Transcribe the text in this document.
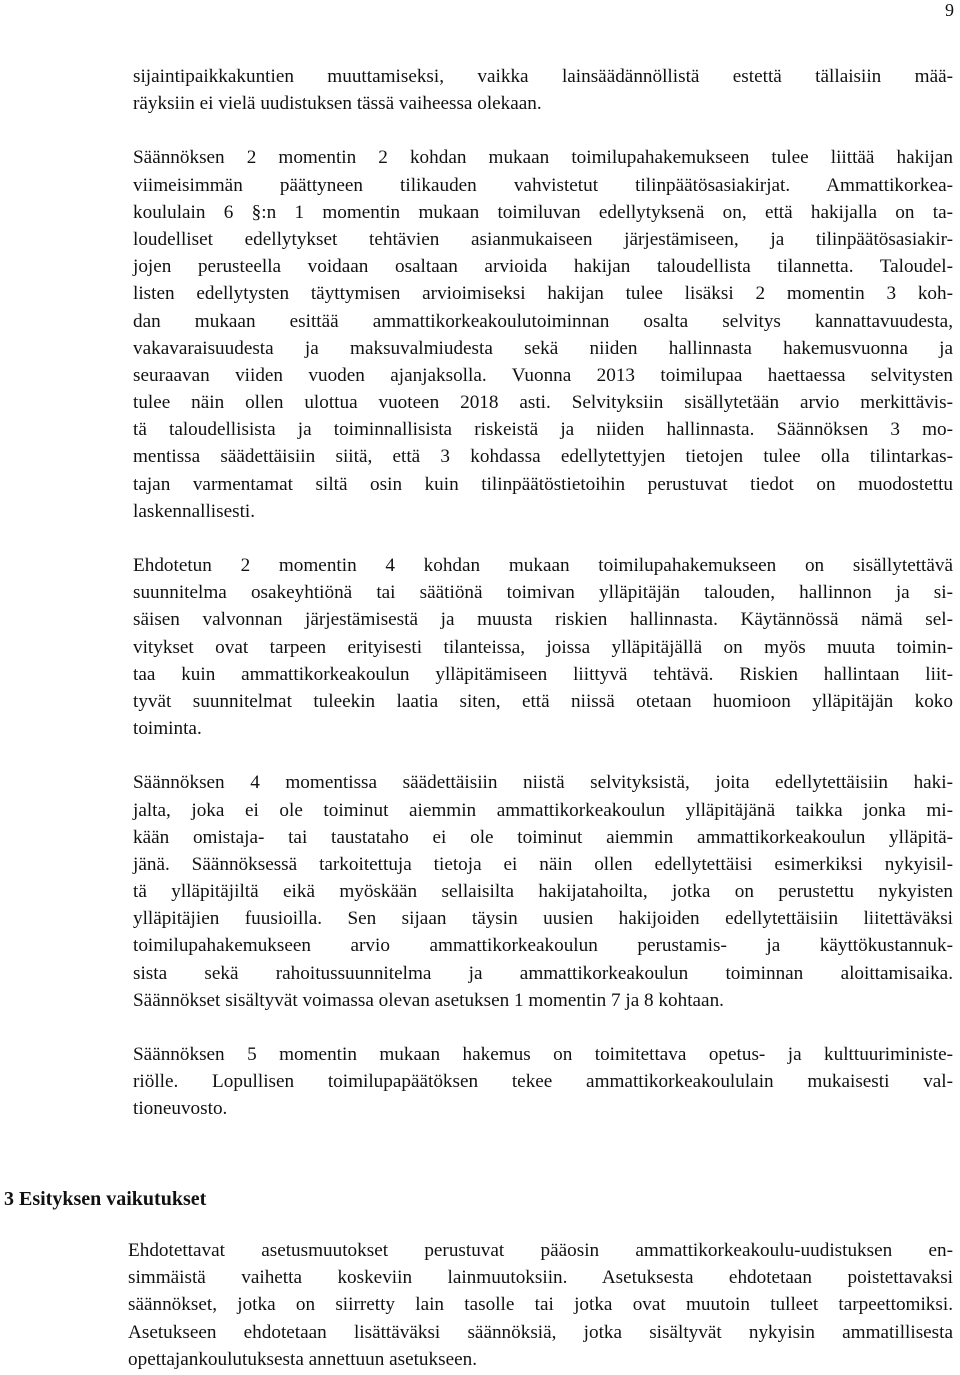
9
sijaintipaikkakuntien muuttamiseksi, vaikka lainsäädännöllistä estettä tällaisiin mää-
räyksiin ei vielä uudistuksen tässä vaiheessa olekaan.
Säännöksen 2 momentin 2 kohdan mukaan toimilupahakemukseen tulee liittää hakijan
viimeisimmän päättyneen tilikauden vahvistetut tilinpäätösasiakirjat. Ammattikorkea-
koululain 6 §:n 1 momentin mukaan toimiluvan edellytyksenä on, että hakijalla on ta-
loudelliset edellytykset tehtävien asianmukaiseen järjestämiseen, ja tilinpäätösasiakir-
jojen perusteella voidaan osaltaan arvioida hakijan taloudellista tilannetta. Taloudel-
listen edellytysten täyttymisen arvioimiseksi hakijan tulee lisäksi 2 momentin 3 koh-
dan mukaan esittää ammattikorkeakoulutoiminnan osalta selvitys kannattavuudesta,
vakavaraisuudesta ja maksuvalmiudesta sekä niiden hallinnasta hakemusvuonna ja
seuraavan viiden vuoden ajanjaksolla. Vuonna 2013 toimilupaa haettaessa selvitysten
tulee näin ollen ulottua vuoteen 2018 asti. Selvityksiin sisällytetään arvio merkittävis-
tä taloudellisista ja toiminnallisista riskeistä ja niiden hallinnasta. Säännöksen 3 mo-
mentissa säädettäisiin siitä, että 3 kohdassa edellytettyjen tietojen tulee olla tilintarkas-
tajan varmentamat siltä osin kuin tilinpäätöstietoihin perustuvat tiedot on muodostettu
laskennallisesti.
Ehdotetun 2 momentin 4 kohdan mukaan toimilupahakemukseen on sisällytettävä
suunnitelma osakeyhtiönä tai säätiönä toimivan ylläpitäjän talouden, hallinnon ja si-
säisen valvonnan järjestämisestä ja muusta riskien hallinnasta. Käytännössä nämä sel-
vitykset ovat tarpeen erityisesti tilanteissa, joissa ylläpitäjällä on myös muuta toimin-
taa kuin ammattikorkeakoulun ylläpitämiseen liittyvä tehtävä. Riskien hallintaan liit-
tyvät suunnitelmat tuleekin laatia siten, että niissä otetaan huomioon ylläpitäjän koko
toiminta.
Säännöksen 4 momentissa säädettäisiin niistä selvityksistä, joita edellytettäisiin haki-
jalta, joka ei ole toiminut aiemmin ammattikorkeakoulun ylläpitäjänä taikka jonka mi-
kään omistaja- tai taustataho ei ole toiminut aiemmin ammattikorkeakoulun ylläpitä-
jänä. Säännöksessä tarkoitettuja tietoja ei näin ollen edellytettäisi esimerkiksi nykyisil-
tä ylläpitäjiltä eikä myöskään sellaisilta hakijatahoilta, jotka on perustettu nykyisten
ylläpitäjien fuusioilla. Sen sijaan täysin uusien hakijoiden edellytettäisiin liitettäväksi
toimilupahakemukseen arvio ammattikorkeakoulun perustamis- ja käyttökustannuk-
sista sekä rahoitussuunnitelma ja ammattikorkeakoulun toiminnan aloittamisaika.
Säännökset sisältyvät voimassa olevan asetuksen 1 momentin 7 ja 8 kohtaan.
Säännöksen 5 momentin mukaan hakemus on toimitettava opetus- ja kulttuuriministe-
riölle. Lopullisen toimilupapäätöksen tekee ammattikorkeakoululain mukaisesti val-
tioneuvosto.
3 Esityksen vaikutukset
Ehdotettavat asetusmuutokset perustuvat pääosin ammattikorkeakoulu-uudistuksen en-
simmäistä vaihetta koskeviin lainmuutoksiin. Asetuksesta ehdotetaan poistettavaksi
säännökset, jotka on siirretty lain tasolle tai jotka ovat muutoin tulleet tarpeettomiksi.
Asetukseen ehdotetaan lisättäväksi säännöksiä, jotka sisältyvät nykyisin ammatillisesta
opettajankoulutuksesta annettuun asetukseen.
